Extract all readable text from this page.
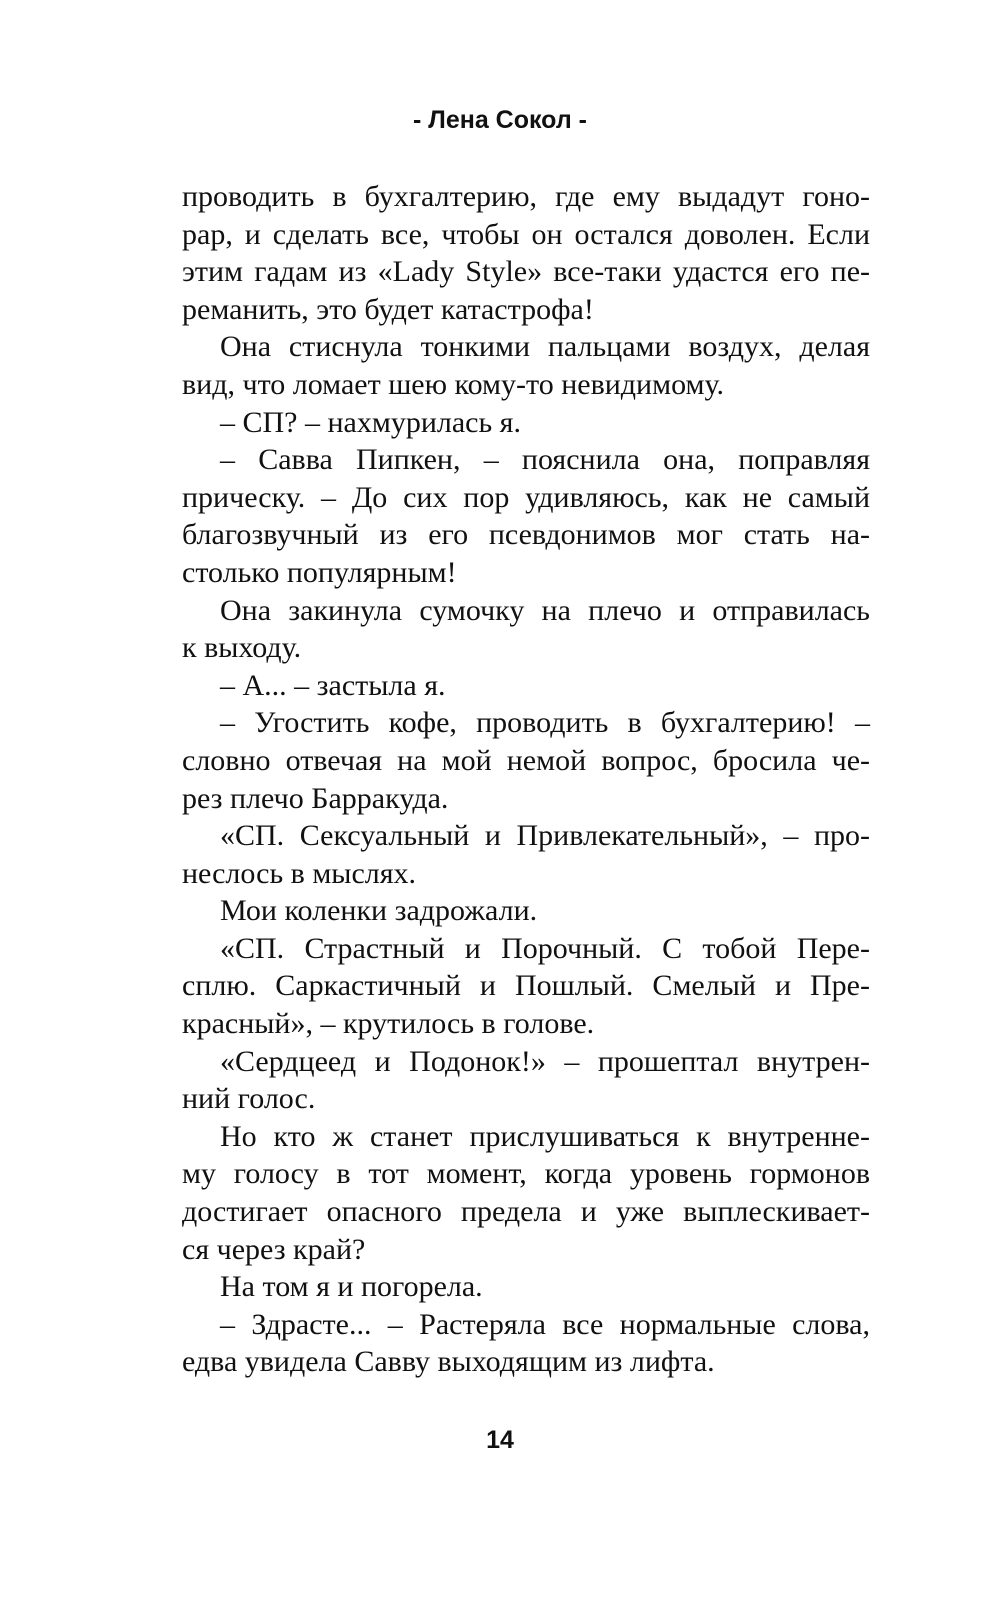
- Лена Сокол -
проводить в бухгалтерию, где ему выдадут гоно-
рар, и сделать все, чтобы он остался доволен. Если
этим гадам из «Lady Style» все-таки удастся его пе-
реманить, это будет катастрофа!
Она стиснула тонкими пальцами воздух, делая
вид, что ломает шею кому-то невидимому.
– СП? – нахмурилась я.
– Савва Пипкен, – пояснила она, поправляя
прическу. – До сих пор удивляюсь, как не самый
благозвучный из его псевдонимов мог стать на-
столько популярным!
Она закинула сумочку на плечо и отправилась
к выходу.
– А... – застыла я.
– Угостить кофе, проводить в бухгалтерию! –
словно отвечая на мой немой вопрос, бросила че-
рез плечо Барракуда.
«СП. Сексуальный и Привлекательный», – про-
неслось в мыслях.
Мои коленки задрожали.
«СП. Страстный и Порочный. С тобой Пере-
сплю. Саркастичный и Пошлый. Смелый и Пре-
красный», – крутилось в голове.
«Сердцеед и Подонок!» – прошептал внутрен-
ний голос.
Но кто ж станет прислушиваться к внутренне-
му голосу в тот момент, когда уровень гормонов
достигает опасного предела и уже выплескивает-
ся через край?
На том я и погорела.
– Здрасте... – Растеряла все нормальные слова,
едва увидела Савву выходящим из лифта.
14
